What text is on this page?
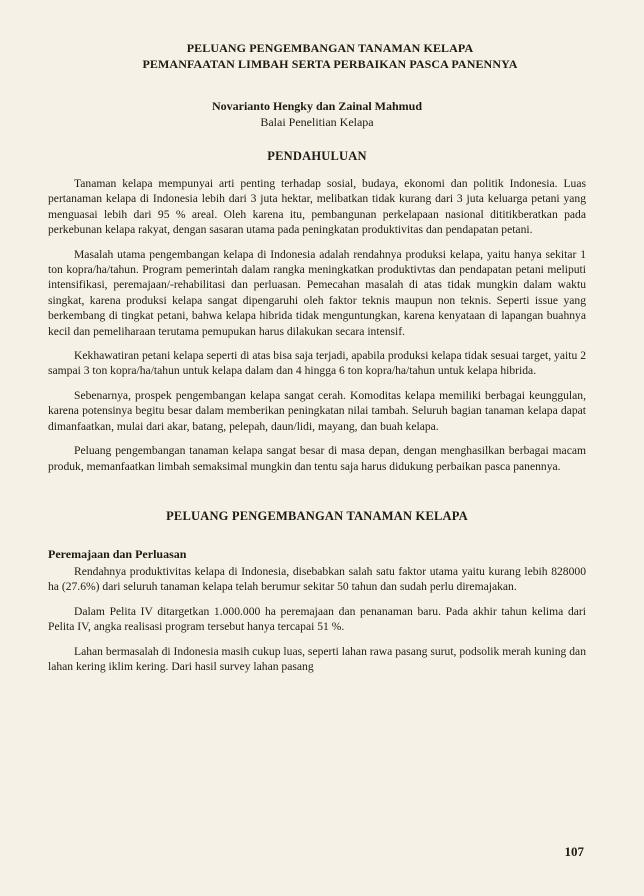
PELUANG PENGEMBANGAN TANAMAN KELAPA

PEMANFAATAN LIMBAH SERTA PERBAIKAN PASCA PANENNYA

Novarianto Hengky dan Zainal Mahmud
Balai Penelitian Kelapa
PENDAHULUAN

Tanaman kelapa mempunyai arti penting terhadap sosial, budaya, ekonomi dan politik Indonesia. Luas pertanaman kelapa di Indonesia lebih dari 3 juta hektar, melibatkan tidak kurang dari 3 juta keluarga petani yang menguasai lebih dari 95 % areal. Oleh karena itu, pembangunan perkelapaan nasional dititikberatkan pada perkebunan kelapa rakyat, dengan sasaran utama pada peningkatan produktivitas dan pendapatan petani.

Masalah utama pengembangan kelapa di Indonesia adalah rendahnya produksi kelapa, yaitu hanya sekitar 1 ton kopra/ha/tahun. Program pemerintah dalam rangka meningkatkan produktivtas dan pendapatan petani meliputi intensifikasi, peremajaan/-rehabilitasi dan perluasan. Pemecahan masalah di atas tidak mungkin dalam waktu singkat, karena produksi kelapa sangat dipengaruhi oleh faktor teknis maupun non teknis. Seperti issue yang berkembang di tingkat petani, bahwa kelapa hibrida tidak menguntungkan, karena kenyataan di lapangan buahnya kecil dan pemeliharaan terutama pemupukan harus dilakukan secara intensif.

Kekhawatiran petani kelapa seperti di atas bisa saja terjadi, apabila produksi kelapa tidak sesuai target, yaitu 2 sampai 3 ton kopra/ha/tahun untuk kelapa dalam dan 4 hingga 6 ton kopra/ha/tahun untuk kelapa hibrida.

Sebenarnya, prospek pengembangan kelapa sangat cerah. Komoditas kelapa memiliki berbagai keunggulan, karena potensinya begitu besar dalam memberikan peningkatan nilai tambah. Seluruh bagian tanaman kelapa dapat dimanfaatkan, mulai dari akar, batang, pelepah, daun/lidi, mayang, dan buah kelapa.

Peluang pengembangan tanaman kelapa sangat besar di masa depan, dengan menghasilkan berbagai macam produk, memanfaatkan limbah semaksimal mungkin dan tentu saja harus didukung perbaikan pasca panennya.

PELUANG PENGEMBANGAN TANAMAN KELAPA
Peremajaan dan Perluasan

Rendahnya produktivitas kelapa di Indonesia, disebabkan salah satu faktor utama yaitu kurang lebih 828000 ha (27.6%) dari seluruh tanaman kelapa telah berumur sekitar 50 tahun dan sudah perlu diremajakan.

Dalam Pelita IV ditargetkan 1.000.000 ha peremajaan dan penanaman baru. Pada akhir tahun kelima dari Pelita IV, angka realisasi program tersebut hanya tercapai 51 %.

Lahan bermasalah di Indonesia masih cukup luas, seperti lahan rawa pasang surut, podsolik merah kuning dan lahan kering iklim kering. Dari hasil survey lahan pasang

107
